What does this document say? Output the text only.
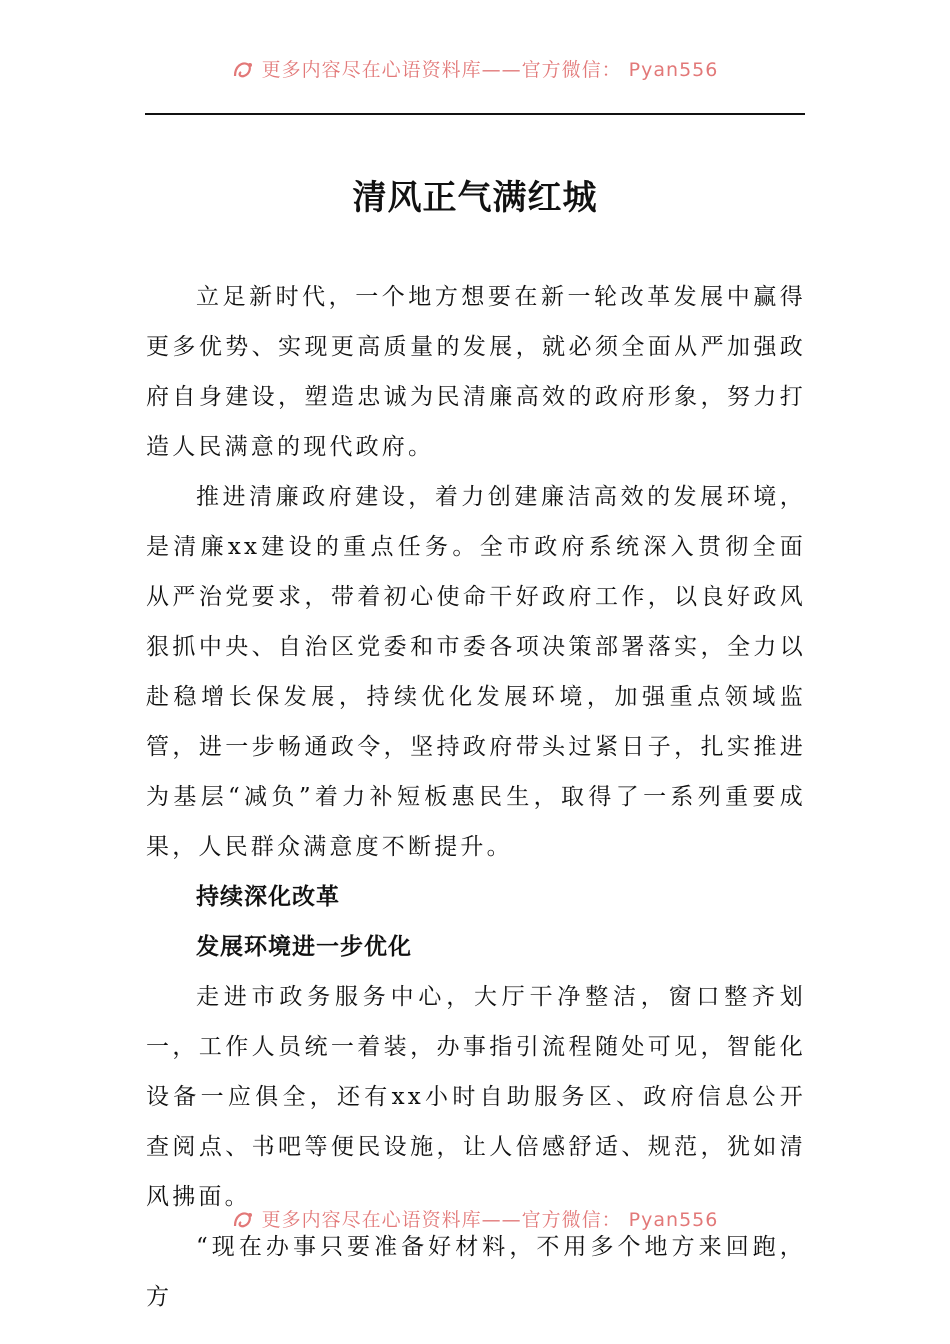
更多内容尽在心语资料库——官方微信： Pyan556
清风正气满红城

立足新时代，一个地方想要在新一轮改革发展中赢得更多优势、实现更高质量的发展，就必须全面从严加强政府自身建设，塑造忠诚为民清廉高效的政府形象，努力打造人民满意的现代政府。

推进清廉政府建设，着力创建廉洁高效的发展环境，是清廉xx建设的重点任务。全市政府系统深入贯彻全面从严治党要求，带着初心使命干好政府工作，以良好政风狠抓中央、自治区党委和市委各项决策部署落实，全力以赴稳增长保发展，持续优化发展环境，加强重点领域监管，进一步畅通政令，坚持政府带头过紧日子，扎实推进为基层“减负”着力补短板惠民生，取得了一系列重要成果，人民群众满意度不断提升。

持续深化改革
发展环境进一步优化

走进市政务服务中心，大厅干净整洁，窗口整齐划一，工作人员统一着装，办事指引流程随处可见，智能化设备一应俱全，还有xx小时自助服务区、政府信息公开查阅点、书吧等便民设施，让人倍感舒适、规范，犹如清风拂面。

“现在办事只要准备好材料，不用多个地方来回跑，方

更多内容尽在心语资料库——官方微信： Pyan556
